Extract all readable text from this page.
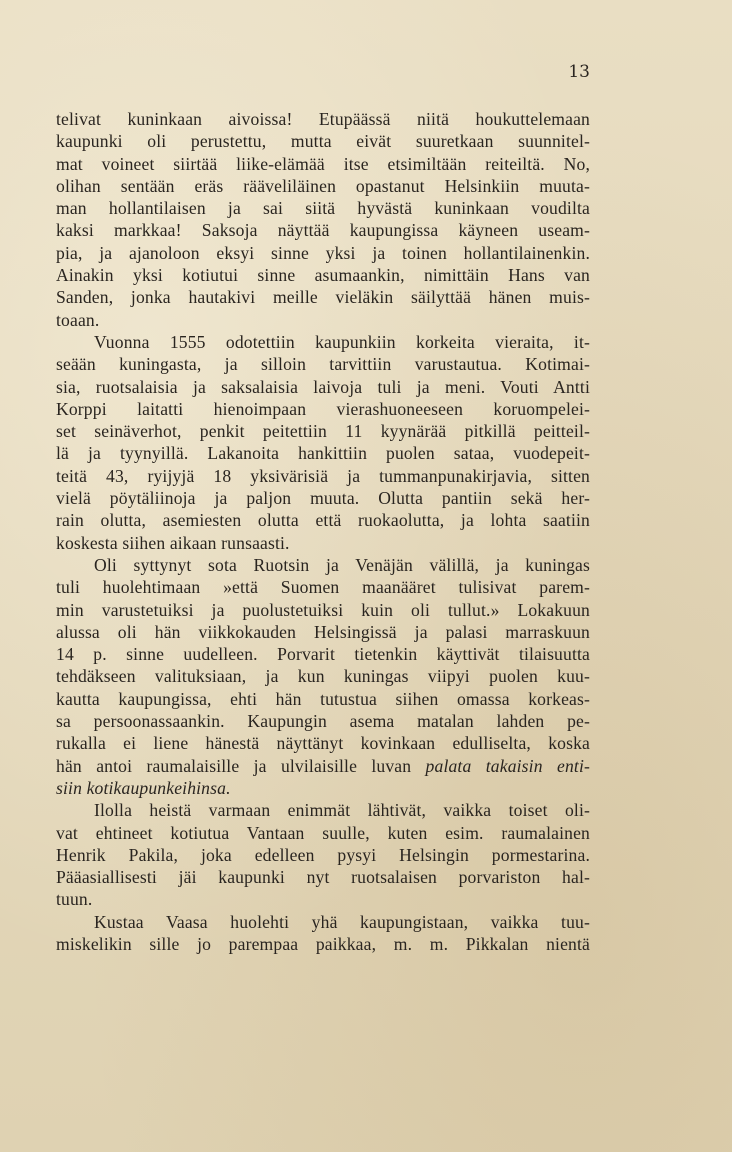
13
telivat kuninkaan aivoissa! Etupäässä niitä houkuttelemaan
kaupunki oli perustettu, mutta eivät suuretkaan suunnitel-
mat voineet siirtää liike-elämää itse etsimiltään reiteiltä. No,
olihan sentään eräs rääveliläinen opastanut Helsinkiin muuta-
man hollantilaisen ja sai siitä hyvästä kuninkaan voudilta
kaksi markkaa! Saksoja näyttää kaupungissa käyneen useam-
pia, ja ajanoloon eksyi sinne yksi ja toinen hollantilainenkin.
Ainakin yksi kotiutui sinne asumaankin, nimittäin Hans van
Sanden, jonka hautakivi meille vieläkin säilyttää hänen muis-
toaan.
Vuonna 1555 odotettiin kaupunkiin korkeita vieraita, it-
seään kuningasta, ja silloin tarvittiin varustautua. Kotimai-
sia, ruotsalaisia ja saksalaisia laivoja tuli ja meni. Vouti Antti
Korppi laitatti hienoimpaan vierashuoneeseen koruompelei-
set seinäverhot, penkit peitettiin 11 kyynärää pitkillä peitteil-
lä ja tyynyillä. Lakanoita hankittiin puolen sataa, vuodepeit-
teitä 43, ryijyjä 18 yksivärisiä ja tummanpunakirjavia, sitten
vielä pöytäliinoja ja paljon muuta. Olutta pantiin sekä her-
rain olutta, asemiesten olutta että ruokaolutta, ja lohta saatiin
koskesta siihen aikaan runsaasti.
Oli syttynyt sota Ruotsin ja Venäjän välillä, ja kuningas
tuli huolehtimaan »että Suomen maanääret tulisivat parem-
min varustetuiksi ja puolustetuiksi kuin oli tullut.» Lokakuun
alussa oli hän viikkokauden Helsingissä ja palasi marraskuun
14 p. sinne uudelleen. Porvarit tietenkin käyttivät tilaisuutta
tehdäkseen valituksiaan, ja kun kuningas viipyi puolen kuu-
kautta kaupungissa, ehti hän tutustua siihen omassa korkeas-
sa persoonassaankin. Kaupungin asema matalan lahden pe-
rukalla ei liene hänestä näyttänyt kovinkaan edulliselta, koska
hän antoi raumalaisille ja ulvilaisille luvan palata takaisin enti-
siin kotikaupunkeihinsa.
Ilolla heistä varmaan enimmät lähtivät, vaikka toiset oli-
vat ehtineet kotiutua Vantaan suulle, kuten esim. raumalainen
Henrik Pakila, joka edelleen pysyi Helsingin pormestarina.
Pääasiallisesti jäi kaupunki nyt ruotsalaisen porvariston hal-
tuun.
Kustaa Vaasa huolehti yhä kaupungistaan, vaikka tuu-
miskelikin sille jo parempaa paikkaa, m. m. Pikkalan nientä
